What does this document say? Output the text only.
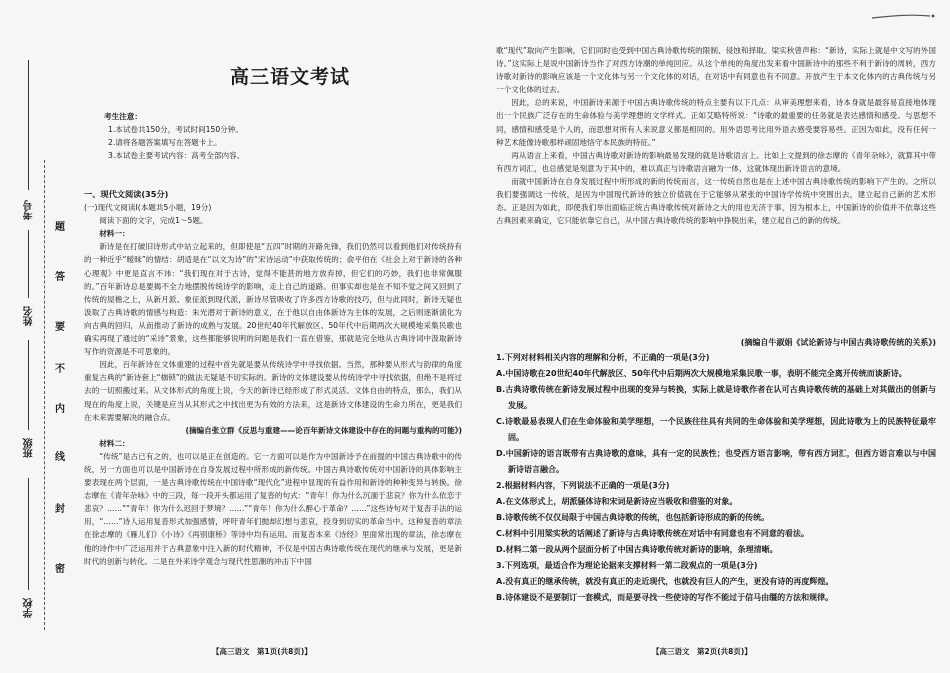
考号
姓名
班级
学校
题
答
要
不
内
线
封
密
高三语文考试

考生注意：

1.本试卷共150分，考试时间150分钟。

2.请将各题答案填写在答题卡上。

3.本试卷主要考试内容：高考全部内容。

一、现代文阅读(35分)

(一)现代文阅读Ⅰ(本题共5小题，19分)

阅读下面的文字，完成1～5题。

材料一：

新诗是在打破旧诗形式中站立起来的，但即使是“五四”时期的开路先锋，我们仍然可以看到他们对传统持有的一种近乎“暧昧”的情结：胡适是在“以文为诗”的“宋诗运动”中获取传统的；俞平伯在《社会上对于新诗的各种心理观》中更是直言不讳：“我们现在对于古诗，觉得不能甚的地方放弃掉，但它们的巧妙，我们也非常佩服的。”百年新诗总是要揭不全力地摆脱传统诗学的影响，走上自己的道路。但事实却也是在不知不觉之间又回到了传统的屋檐之上，从新月派、象征派到现代派，新诗尽管吸收了许多西方诗歌的技巧，但与此同时，新诗无疑也汲取了古典诗歌的情感与构造：朱光潜对于新诗的意义，在于他以自由体新诗为主体的发展，之后则逐渐演化为向古典的回归，从而推动了新诗的成熟与发展。20世纪40年代解放区、50年代中后期两次大规模地采集民歌也确实再现了通过的“采诗”景象，这些都能够说明的问题是我们一直在借鉴，那就是完全地从古典诗词中汲取新诗写作的资源是不可思象的。

因此，百年新诗在文体重建的过程中首先就是要从传统诗学中寻找依据。当然，那种要从形式与韵律的角度重复古典的“新诗套上“枷锁”的做法无疑是不切实际的。新诗的文体建设要从传统诗学中寻找依据，但绝不是将过去的一切照搬过来。从文体形式的角度上说，今天的新诗已经形成了形式灵活、文体自由的特点，那么，我们从现在的角度上说，关键是应当从其形式之中找出更为有效的方法来，这是新诗文体建设的生命力所在，更是我们在未来需要解决的融合点。

(摘编自张立群《反思与重建——论百年新诗文体建设中存在的问题与重构的可能》)

材料二：

“传统”是古已有之的，也可以是正在创造的。它一方面可以是作为中国新诗予在前提的中国古典诗歌中的传统，另一方面也可以是中国新诗在自身发展过程中所形成的新传统。中国古典诗歌传统对中国新诗的具体影响主要表现在两个层面，一是古典诗歌传统在中国诗歌“现代化”进程中显现的有益作用和新诗的种种变异与转换。徐志摩在《青年杂咏》中的三段，每一段开头都运用了复沓的句式：“青年！你为什么沉湎于悲哀？你为什么依恋于悲哀？……”“青年！你为什么迟回于梦境？……”“青年！你为什么醉心于革命？……”这些诗句对于复沓手法的运用，“……”诗人运用复沓形式加强感情，呼吁青年们抛却幻想与悲哀，投身到切实的革命当中。这种复沓的章法在徐志摩的《雁儿们》《小诗》《再别康桥》等诗中均有运用。而复沓本来《诗经》里面常出现的章法，徐志摩在他的诗作中广泛运用并于古典意象中注入新的时代精神，不仅是中国古典诗歌传统在现代的继承与发展，更是新时代的创新与转化。二是在外来诗学观念与现代性思潮的冲击下中国

【高三语文　第1页(共8页)】

歌“现代”取向产生影响，它们同时也受到中国古典诗歌传统的限制、侵蚀和择取。梁实秋曾声称：“新诗，实际上就是中文写的外国诗。”这实际上是说中国新诗当作了对西方诗潮的单纯回应。从这个单纯的角度出发来看中国新诗中的那些不利于新诗的周转，西方诗歌对新诗的影响应该是一个文化体与另一个文化体的对话，在对话中有同意也有不同意。开放产生于本文化体内的古典传统与另一个文化体的过去。

因此，总的来说，中国新诗来源于中国古典诗歌传统的特点主要有以下几点：从审美理想来看，诗本身就是最容易直接地体现出一个民族广泛存在的生命体验与美学理想的文学样式。正如艾略特所说：“诗歌的最重要的任务就是表达感情和感受。与思想不同，感情和感受是个人的，而思想对所有人来说意义都是相同的。用外语思考比用外语去感受要容易些。正因为如此，没有任何一种艺术能像诗歌那样顽固地恪守本民族的特征。”

再从语言上来看，中国古典诗歌对新诗的影响最易发现的就是诗歌语言上。比如上文提到的徐志摩的《青年杂咏》，就算其中带有西方词汇，也总感觉是刻意为于其中的，难以真正与诗歌语言融为一体，这就体现出新诗语言的意境。

而就中国新诗在自身发展过程中所形成的新的传统而言，这一传统自然也是在上述中国古典诗歌传统的影响下产生的。之所以我们要强调这一传统，是因为中国现代新诗的独立价值就在于它能够从紧张的中国诗学传统中突围出去，建立起自己新的艺术形态。正是因为如此，即使我们举出面临正统古典诗歌传统对新诗之大的用也无济于事，因为根本上，中国新诗的价值并不依靠这些古典因素来确定，它只能依靠它自己，从中国古典诗歌传统的影响中挣脱出来，建立起自己的新的传统。

(摘编自牛淑娟《试论新诗与中国古典诗歌传统的关系》)

1.下列对材料相关内容的理解和分析，不正确的一项是(3分)

A.中国诗歌在20世纪40年代解放区、50年代中后期两次大规模地采集民歌一事，表明不能完全离开传统而谈新诗。

B.古典诗歌传统在新诗发展过程中出现的变异与转换，实际上就是诗歌作者在认可古典诗歌传统的基础上对其做出的创新与发展。

C.诗歌最易表现人们在生命体验和美学理想，一个民族往往具有共同的生命体验和美学理想，因此诗歌为上的民族特征最牢固。

D.中国新诗的语言既带有古典诗歌的意味，具有一定的民族性；也受西方语言影响，带有西方词汇，但西方语言难以与中国新诗语言融合。

2.根据材料内容，下列说法不正确的一项是(3分)

A.在文体形式上，胡派骚体诗和宋词是新诗应当吸收和借鉴的对象。

B.诗歌传统不仅仅局限于中国古典诗歌的传统，也包括新诗形成的新的传统。

C.材料中引用梁实秋的话阐述了新诗与古典诗歌传统在对话中有同意也有不同意的看法。

D.材料二第一段从两个层面分析了中国古典诗歌传统对新诗的影响，条理清晰。

3.下列选项，最适合作为理论论据来支撑材料一第二段观点的一项是(3分)

A.没有真正的继承传统，就没有真正的走近现代，也就没有巨人的产生，更没有诗的再度辉煌。

B.诗体建设不是要制订一套模式，而是要寻找一些使诗的写作不能过于信马由缰的方法和规律。

【高三语文　第2页(共8页)】
